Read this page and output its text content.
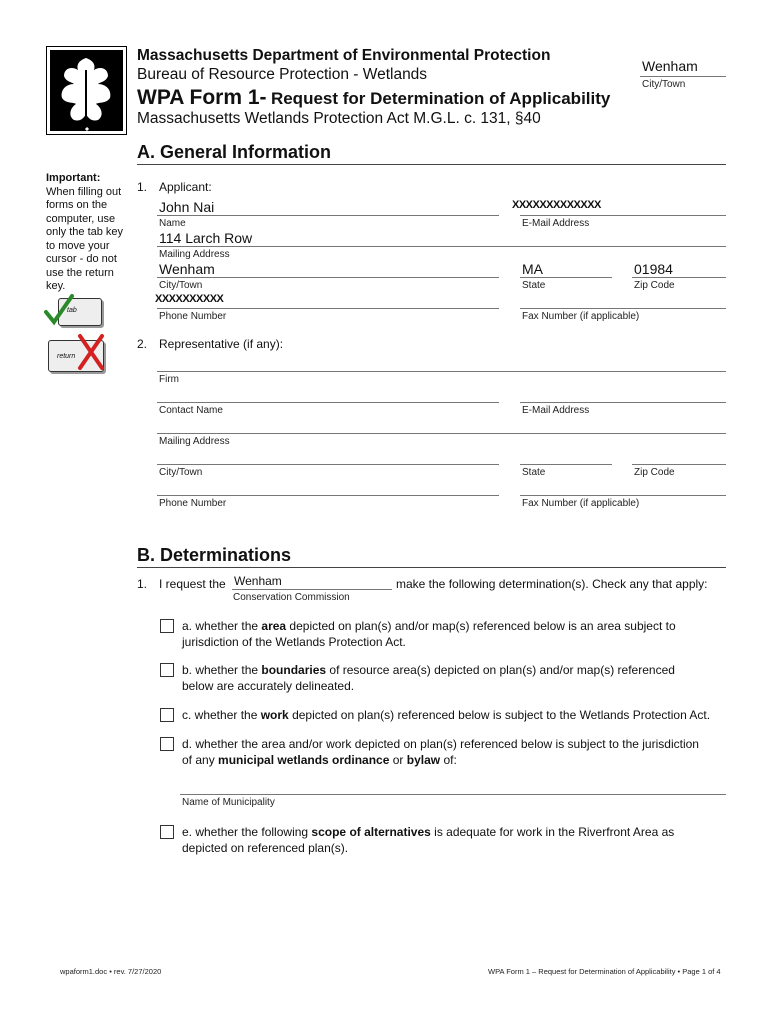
Massachusetts Department of Environmental Protection
Bureau of Resource Protection - Wetlands
WPA Form 1- Request for Determination of Applicability
Massachusetts Wetlands Protection Act M.G.L. c. 131, §40
Wenham
City/Town
Important:
When filling out
forms on the
computer, use
only the tab key
to move your
cursor - do not
use the return
key.
tab
return
A. General Information
1. Applicant:
John Nai
Name
XXXXXXXXXXXXX
E-Mail Address
114 Larch Row
Mailing Address
Wenham
City/Town
MA
State
01984
Zip Code
XXXXXXXXXX
Phone Number	Fax Number (if applicable)
2. Representative (if any):
Firm
Contact Name	E-Mail Address
Mailing Address
City/Town	State	Zip Code
Phone Number	Fax Number (if applicable)
B. Determinations
1. I request the Wenham	make the following determination(s). Check any that apply:
Conservation Commission
a. whether the area depicted on plan(s) and/or map(s) referenced below is an area subject to
jurisdiction of the Wetlands Protection Act.
b. whether the boundaries of resource area(s) depicted on plan(s) and/or map(s) referenced
below are accurately delineated.
c. whether the work depicted on plan(s) referenced below is subject to the Wetlands Protection Act.
d. whether the area and/or work depicted on plan(s) referenced below is subject to the jurisdiction
of any municipal wetlands ordinance or bylaw of:
Name of Municipality
e. whether the following scope of alternatives is adequate for work in the Riverfront Area as
depicted on referenced plan(s).
wpaform1.doc • rev. 7/27/2020	WPA Form 1 – Request for Determination of Applicability • Page 1 of 4
